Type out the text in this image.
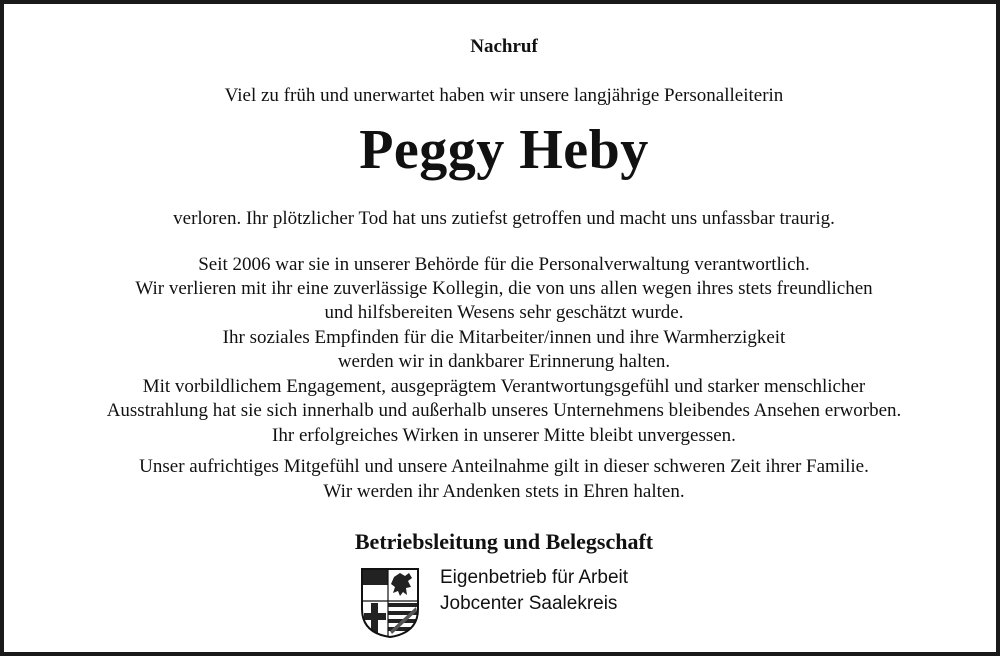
Nachruf

Viel zu früh und unerwartet haben wir unsere langjährige Personalleiterin

Peggy Heby

verloren. Ihr plötzlicher Tod hat uns zutiefst getroffen und macht uns unfassbar traurig.

Seit 2006 war sie in unserer Behörde für die Personalverwaltung verantwortlich.

Wir verlieren mit ihr eine zuverlässige Kollegin, die von uns allen wegen ihres stets freundlichen

und hilfsbereiten Wesens sehr geschätzt wurde.

Ihr soziales Empfinden für die Mitarbeiter/innen und ihre Warmherzigkeit

werden wir in dankbarer Erinnerung halten.

Mit vorbildlichem Engagement, ausgeprägtem Verantwortungsgefühl und starker menschlicher

Ausstrahlung hat sie sich innerhalb und außerhalb unseres Unternehmens bleibendes Ansehen erworben.

Ihr erfolgreiches Wirken in unserer Mitte bleibt unvergessen.

Unser aufrichtiges Mitgefühl und unsere Anteilnahme gilt in dieser schweren Zeit ihrer Familie.

Wir werden ihr Andenken stets in Ehren halten.

Betriebsleitung und Belegschaft

Eigenbetrieb für Arbeit
Jobcenter Saalekreis
